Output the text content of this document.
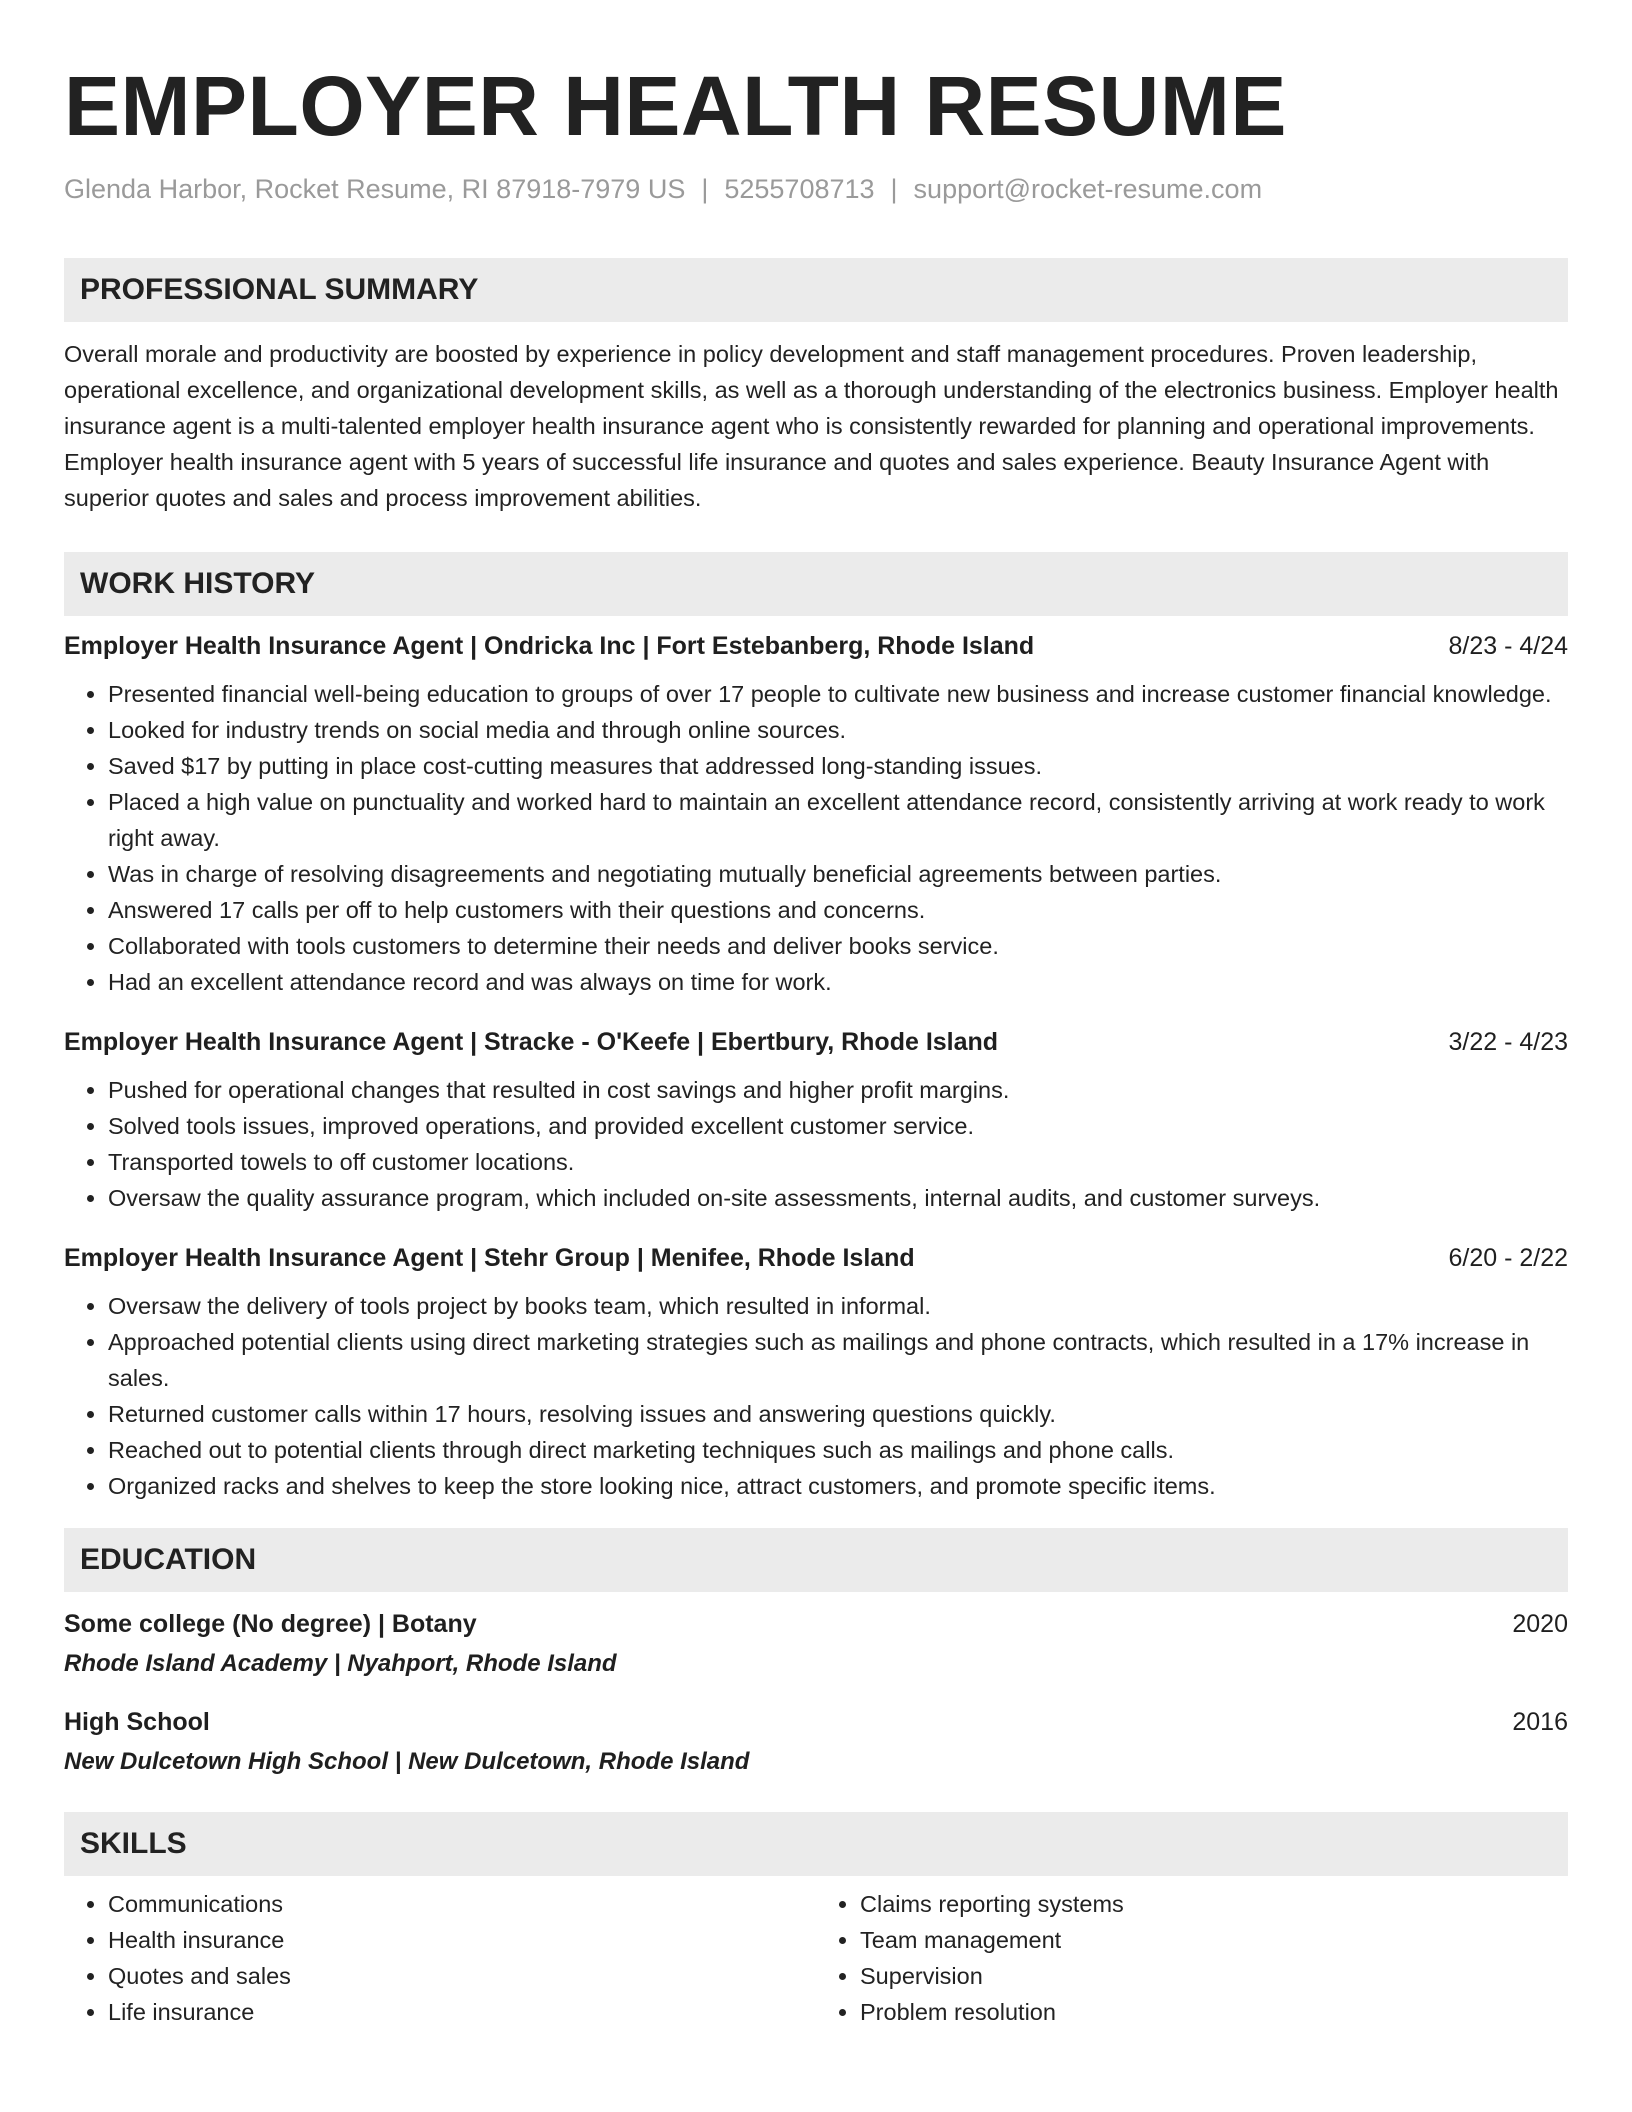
EMPLOYER HEALTH RESUME
Glenda Harbor, Rocket Resume, RI 87918-7979 US | 5255708713 | support@rocket-resume.com
PROFESSIONAL SUMMARY
Overall morale and productivity are boosted by experience in policy development and staff management procedures. Proven leadership, operational excellence, and organizational development skills, as well as a thorough understanding of the electronics business. Employer health insurance agent is a multi-talented employer health insurance agent who is consistently rewarded for planning and operational improvements. Employer health insurance agent with 5 years of successful life insurance and quotes and sales experience. Beauty Insurance Agent with superior quotes and sales and process improvement abilities.
WORK HISTORY
Employer Health Insurance Agent | Ondricka Inc | Fort Estebanberg, Rhode Island	8/23 - 4/24
• Presented financial well-being education to groups of over 17 people to cultivate new business and increase customer financial knowledge.
• Looked for industry trends on social media and through online sources.
• Saved $17 by putting in place cost-cutting measures that addressed long-standing issues.
• Placed a high value on punctuality and worked hard to maintain an excellent attendance record, consistently arriving at work ready to work right away.
• Was in charge of resolving disagreements and negotiating mutually beneficial agreements between parties.
• Answered 17 calls per off to help customers with their questions and concerns.
• Collaborated with tools customers to determine their needs and deliver books service.
• Had an excellent attendance record and was always on time for work.
Employer Health Insurance Agent | Stracke - O'Keefe | Ebertbury, Rhode Island	3/22 - 4/23
• Pushed for operational changes that resulted in cost savings and higher profit margins.
• Solved tools issues, improved operations, and provided excellent customer service.
• Transported towels to off customer locations.
• Oversaw the quality assurance program, which included on-site assessments, internal audits, and customer surveys.
Employer Health Insurance Agent | Stehr Group | Menifee, Rhode Island	6/20 - 2/22
• Oversaw the delivery of tools project by books team, which resulted in informal.
• Approached potential clients using direct marketing strategies such as mailings and phone contracts, which resulted in a 17% increase in sales.
• Returned customer calls within 17 hours, resolving issues and answering questions quickly.
• Reached out to potential clients through direct marketing techniques such as mailings and phone calls.
• Organized racks and shelves to keep the store looking nice, attract customers, and promote specific items.
EDUCATION
Some college (No degree) | Botany	2020
Rhode Island Academy | Nyahport, Rhode Island
High School	2016
New Dulcetown High School | New Dulcetown, Rhode Island
SKILLS
• Communications
• Health insurance
• Quotes and sales
• Life insurance
• Claims reporting systems
• Team management
• Supervision
• Problem resolution
